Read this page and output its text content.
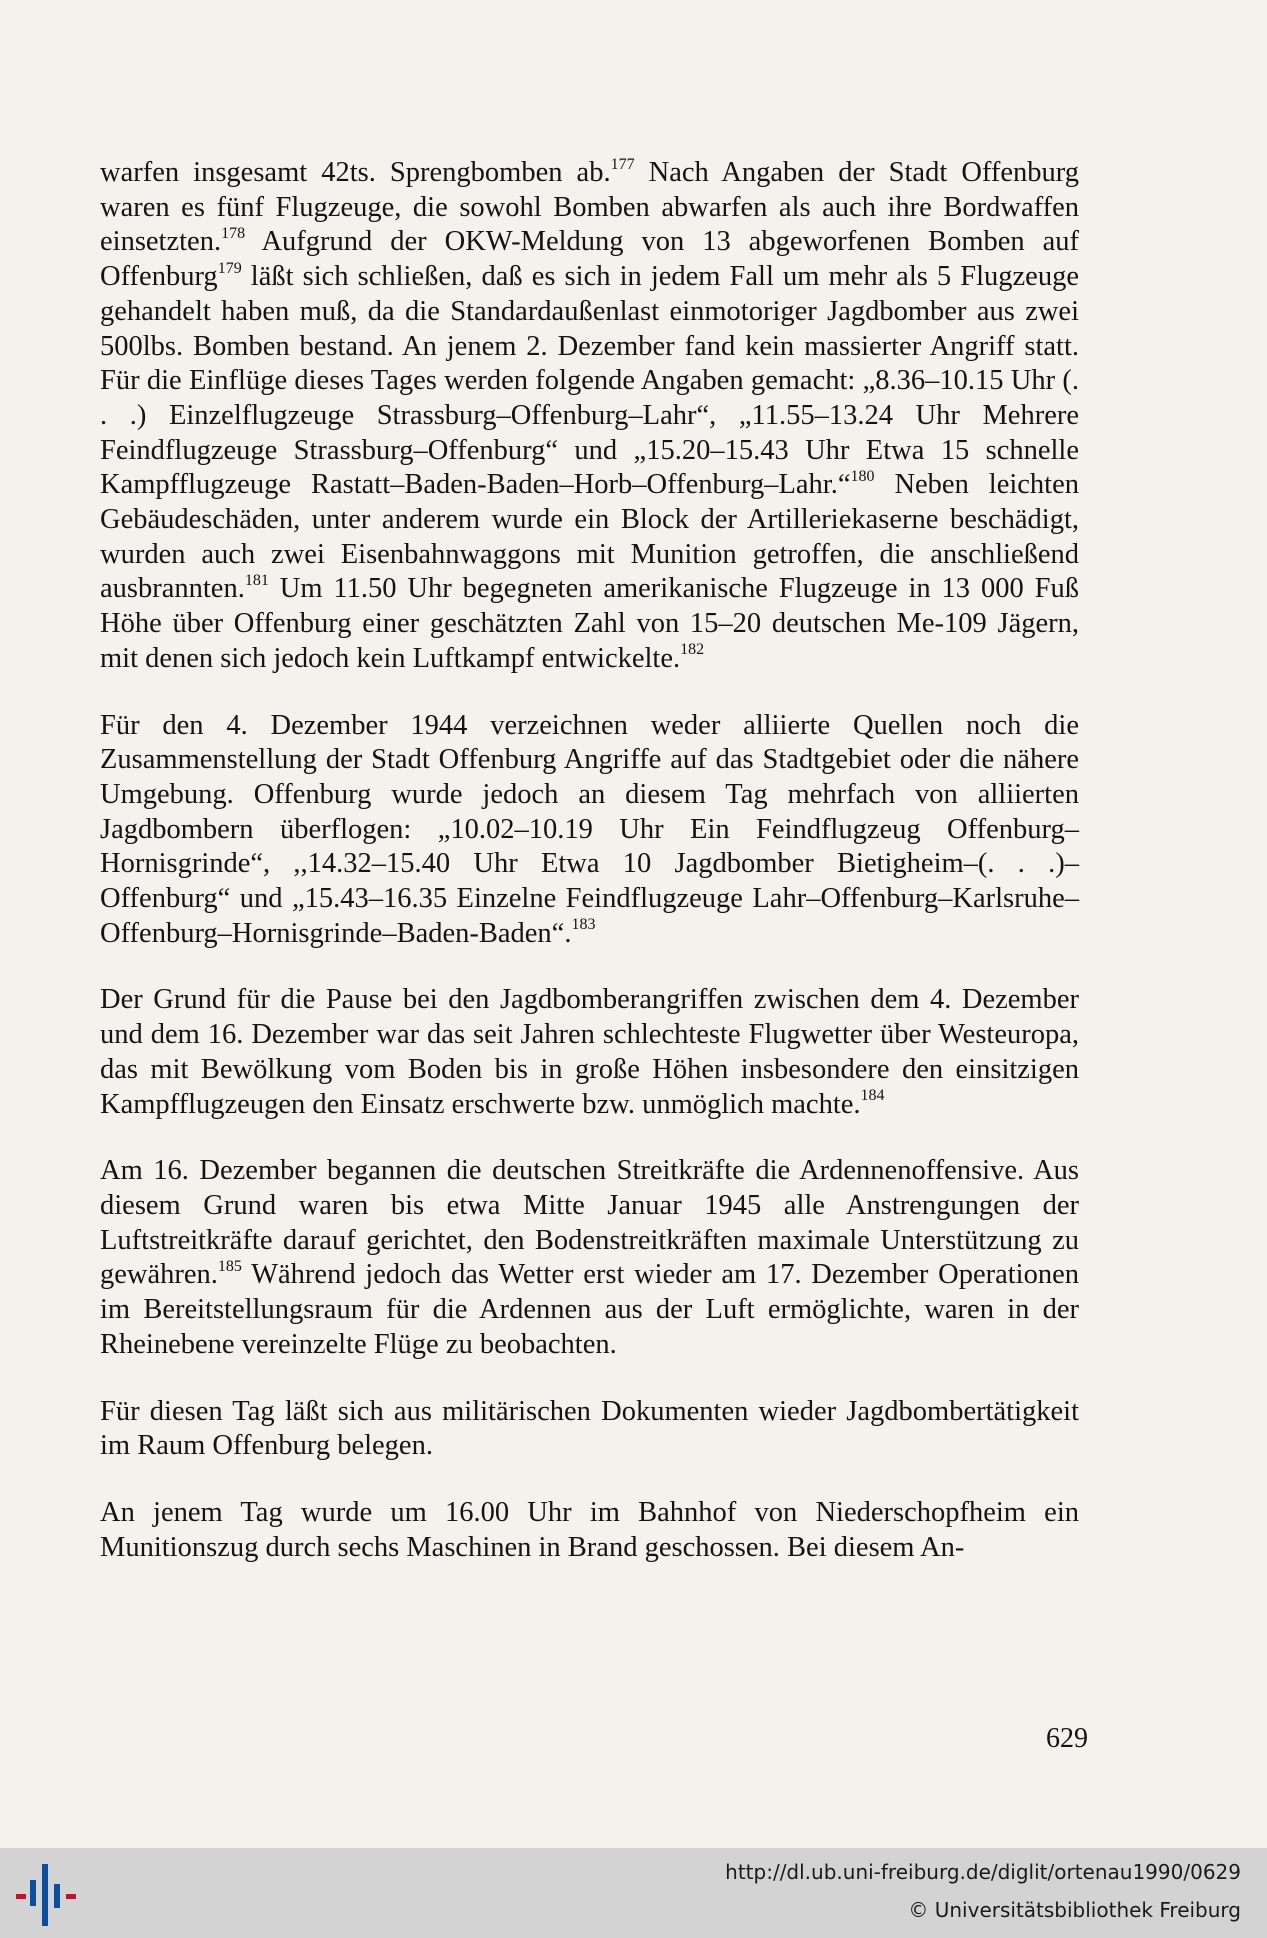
warfen insgesamt 42ts. Sprengbomben ab.$^{177}$ Nach Angaben der Stadt Offenburg waren es fünf Flugzeuge, die sowohl Bomben abwarfen als auch ihre Bordwaffen einsetzten.$^{178}$ Aufgrund der OKW-Meldung von 13 abgeworfenen Bomben auf Offenburg$^{179}$ läßt sich schließen, daß es sich in jedem Fall um mehr als 5 Flugzeuge gehandelt haben muß, da die Standardaußenlast einmotoriger Jagdbomber aus zwei 500lbs. Bomben bestand. An jenem 2. Dezember fand kein massierter Angriff statt. Für die Einflüge dieses Tages werden folgende Angaben gemacht: „8.36–10.15 Uhr (. . .) Einzelflugzeuge Strassburg–Offenburg–Lahr“, „11.55–13.24 Uhr Mehrere Feindflugzeuge Strassburg–Offenburg“ und „15.20–15.43 Uhr Etwa 15 schnelle Kampfflugzeuge Rastatt–Baden-Baden–Horb–Offenburg–Lahr.“$^{180}$ Neben leichten Gebäudeschäden, unter anderem wurde ein Block der Artilleriekaserne beschädigt, wurden auch zwei Eisenbahnwaggons mit Munition getroffen, die anschließend ausbrannten.$^{181}$ Um 11.50 Uhr begegneten amerikanische Flugzeuge in 13 000 Fuß Höhe über Offenburg einer geschätzten Zahl von 15–20 deutschen Me-109 Jägern, mit denen sich jedoch kein Luftkampf entwickelte.$^{182}$

Für den 4. Dezember 1944 verzeichnen weder alliierte Quellen noch die Zusammenstellung der Stadt Offenburg Angriffe auf das Stadtgebiet oder die nähere Umgebung. Offenburg wurde jedoch an diesem Tag mehrfach von alliierten Jagdbombern überflogen: „10.02–10.19 Uhr Ein Feindflugzeug Offenburg–Hornisgrinde“, ,,14.32–15.40 Uhr Etwa 10 Jagdbomber Bietigheim–(. . .)–Offenburg“ und „15.43–16.35 Einzelne Feindflugzeuge Lahr–Offenburg–Karlsruhe–Offenburg–Hornisgrinde–Baden-Baden“.$^{183}$

Der Grund für die Pause bei den Jagdbomberangriffen zwischen dem 4. Dezember und dem 16. Dezember war das seit Jahren schlechteste Flugwetter über Westeuropa, das mit Bewölkung vom Boden bis in große Höhen insbesondere den einsitzigen Kampfflugzeugen den Einsatz erschwerte bzw. unmöglich machte.$^{184}$

Am 16. Dezember begannen die deutschen Streitkräfte die Ardennenoffensive. Aus diesem Grund waren bis etwa Mitte Januar 1945 alle Anstrengungen der Luftstreitkräfte darauf gerichtet, den Bodenstreitkräften maximale Unterstützung zu gewähren.$^{185}$ Während jedoch das Wetter erst wieder am 17. Dezember Operationen im Bereitstellungsraum für die Ardennen aus der Luft ermöglichte, waren in der Rheinebene vereinzelte Flüge zu beobachten.

Für diesen Tag läßt sich aus militärischen Dokumenten wieder Jagdbombertätigkeit im Raum Offenburg belegen.

An jenem Tag wurde um 16.00 Uhr im Bahnhof von Niederschopfheim ein Munitionszug durch sechs Maschinen in Brand geschossen. Bei diesem An-

629
http://dl.ub.uni-freiburg.de/diglit/ortenau1990/0629
© Universitätsbibliothek Freiburg
